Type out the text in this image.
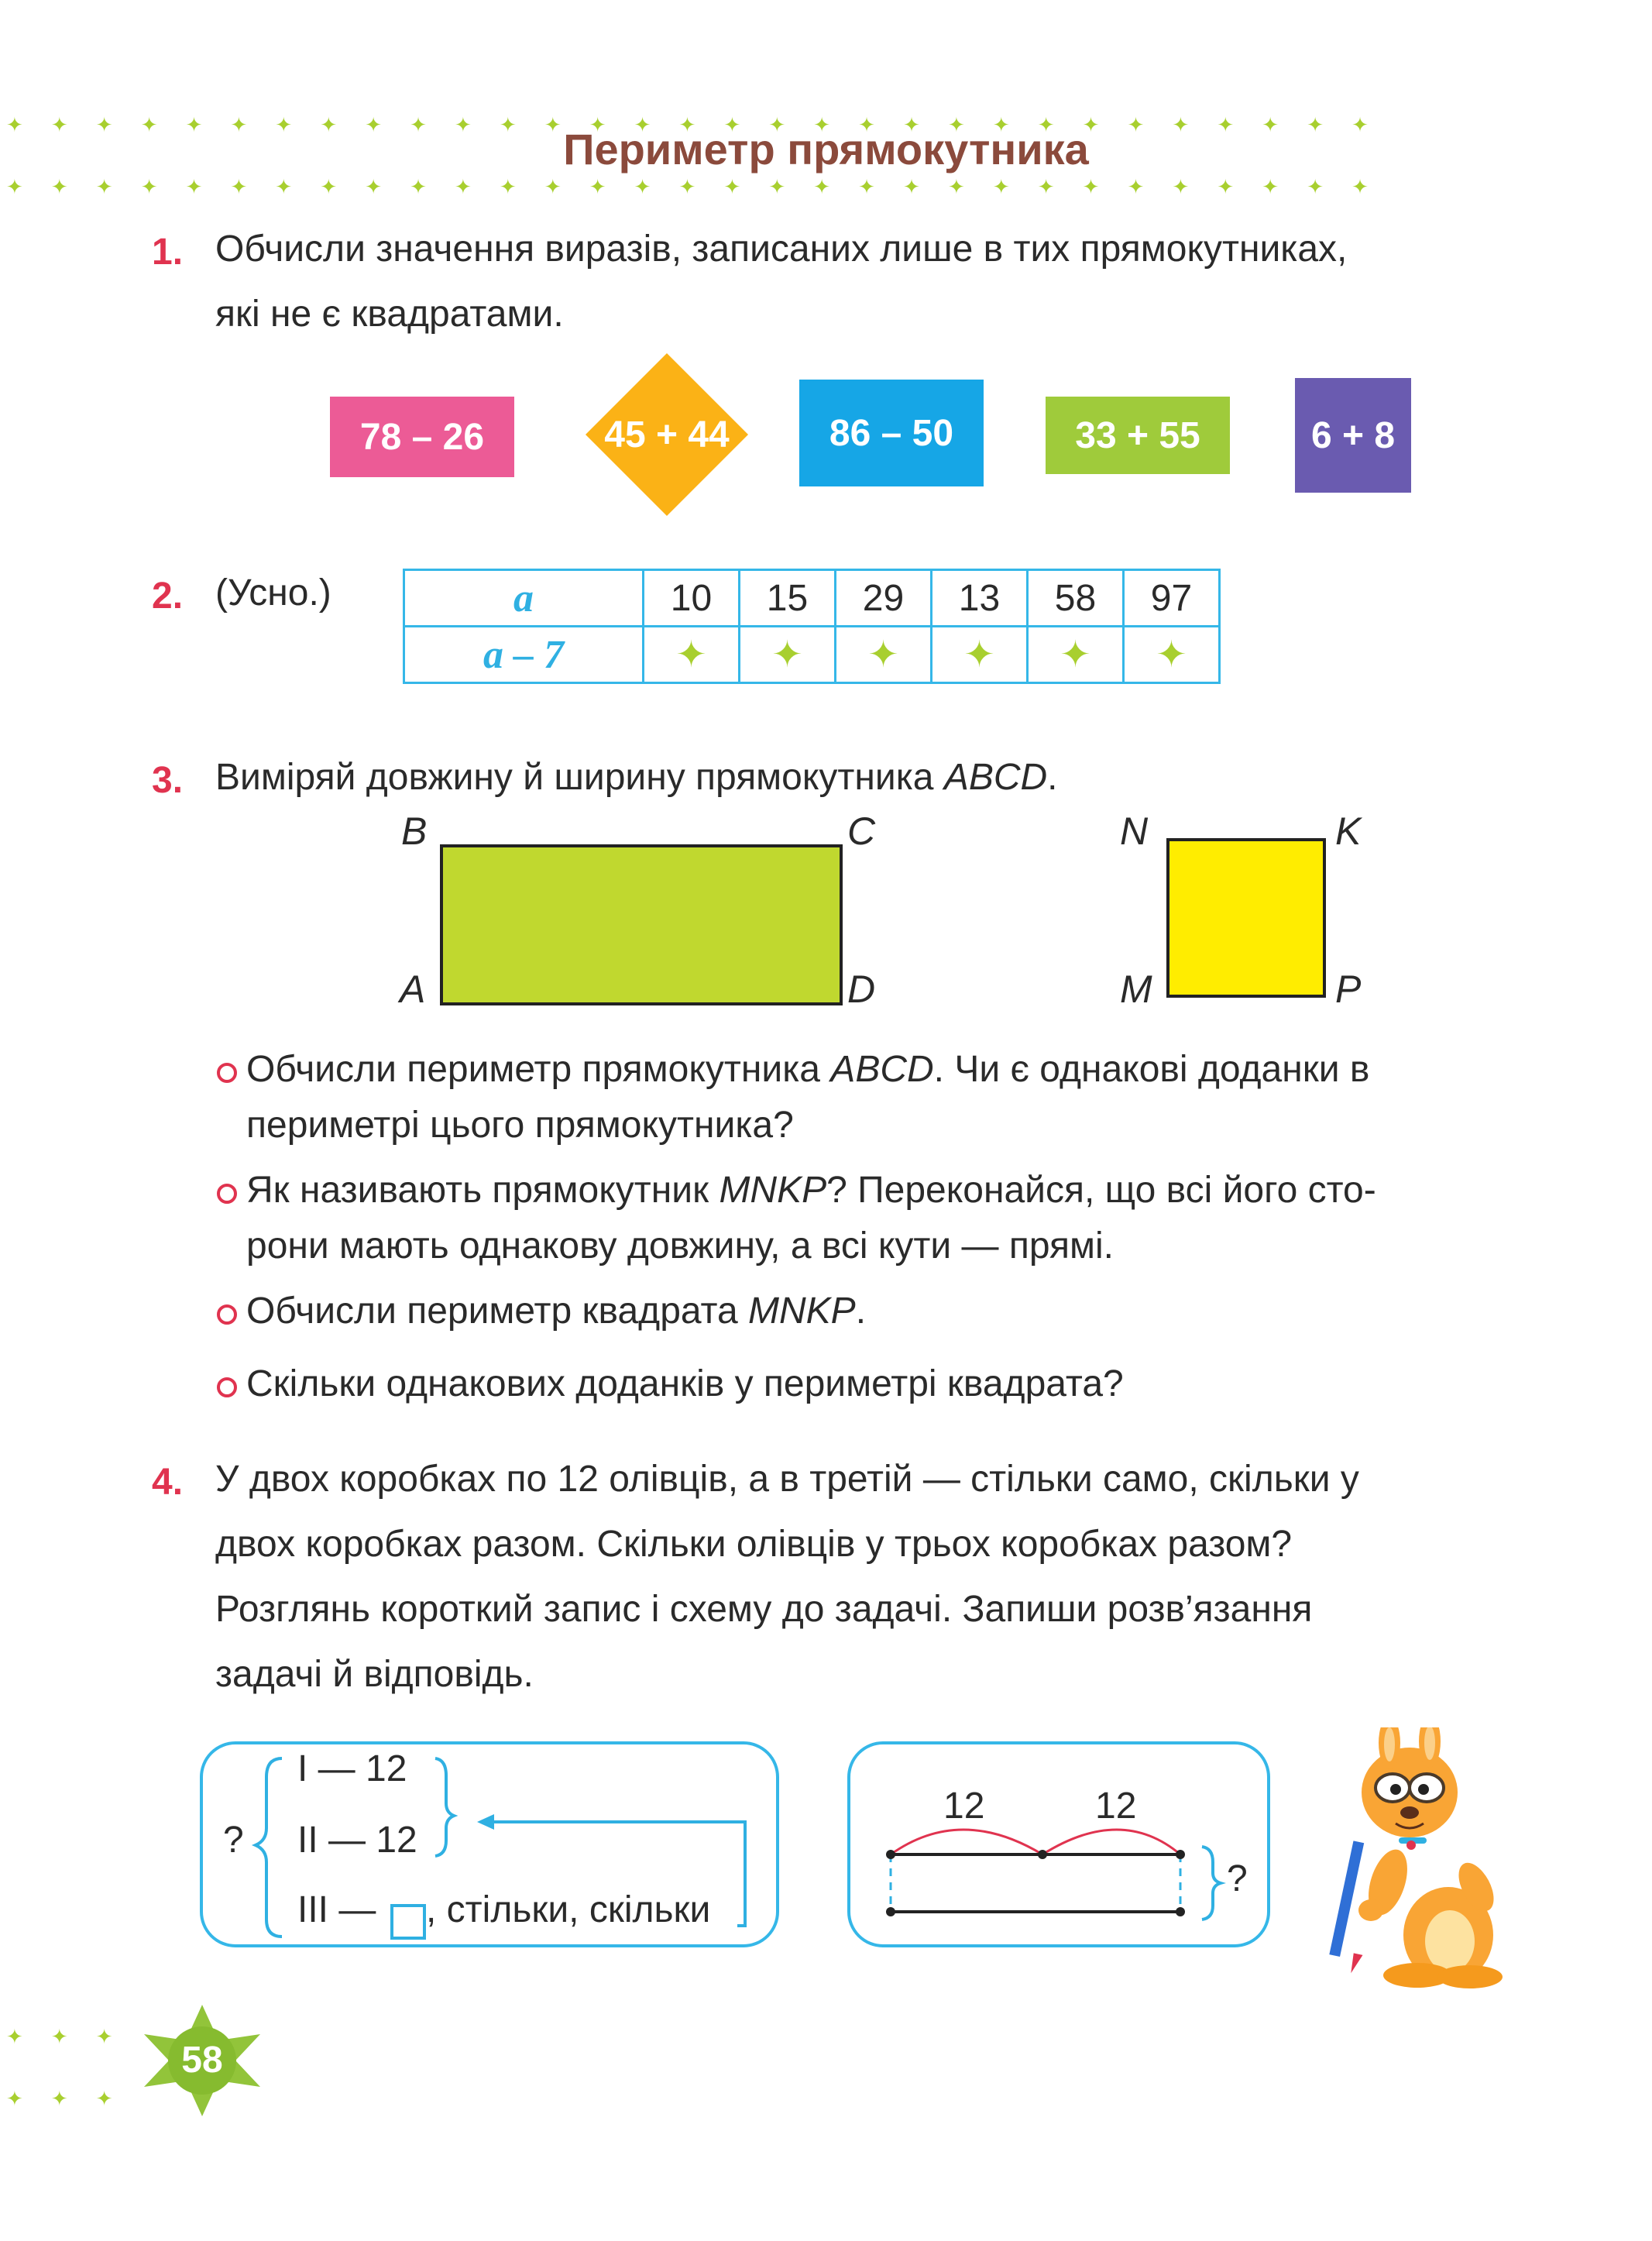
✦     ✦     ✦     ✦     ✦     ✦     ✦     ✦     ✦     ✦     ✦     ✦     ✦     ✦     ✦     ✦     ✦     ✦     ✦     ✦     ✦     ✦     ✦     ✦     ✦     ✦     ✦     ✦     ✦     ✦     ✦
✦     ✦     ✦     ✦     ✦     ✦     ✦     ✦     ✦     ✦     ✦     ✦     ✦     ✦     ✦     ✦     ✦     ✦     ✦     ✦     ✦     ✦     ✦     ✦     ✦     ✦     ✦     ✦     ✦     ✦     ✦
Периметр прямокутника
1. Обчисли значення виразів, записаних лише в тих прямокутниках,
які не є квадратами.
78 – 26	45 + 44	86 – 50	33 + 55	6 + 8
2. (Усно.)	a	10	15	29	13	58	97
a – 7	✦	✦	✦	✦	✦	✦
3. Виміряй довжину й ширину прямокутника ABCD.
B	C
A	D
N	K
M	P
Обчисли периметр прямокутника ABCD. Чи є однакові доданки в
периметрі цього прямокутника?
Як називають прямокутник MNKP? Переконайся, що всі його сто-
рони мають однакову довжину, а всі кути — прямі.
Обчисли периметр квадрата MNKP.
Скільки однакових доданків у периметрі квадрата?
4. У двох коробках по 12 олівців, а в третій — стільки само, скільки у
двох коробках разом. Скільки олівців у трьох коробках разом?
Розглянь короткий запис і схему до задачі. Запиши розв’язання
задачі й відповідь.
?
I — 12
II — 12
III — , стільки, скільки
12	12
?
✦     ✦     ✦
✦     ✦     ✦
58
